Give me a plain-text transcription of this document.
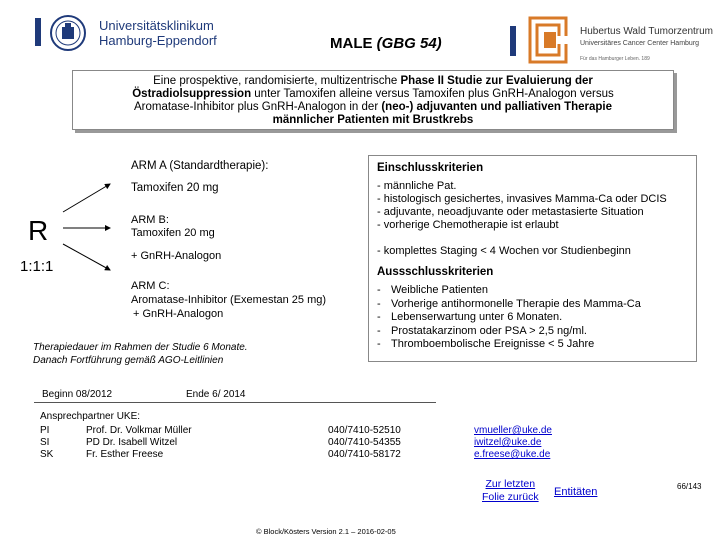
Universitätsklinikum
Hamburg-Eppendorf	MALE (GBG 54)
Hubertus Wald Tumorzentrum
Universitäres Cancer Center Hamburg
Für das Hamburger Leben. 189
Eine prospektive, randomisierte, multizentrische Phase II Studie zur Evaluierung der
Östradiolsuppression unter Tamoxifen alleine versus Tamoxifen plus GnRH-Analogon versus
Aromatase-Inhibitor plus GnRH-Analogon in der (neo-) adjuvanten und palliativen Therapie
männlicher Patienten mit Brustkrebs
R
1:1:1
ARM A (Standardtherapie):
Tamoxifen 20 mg
ARM B:
Tamoxifen 20 mg
+ GnRH-Analogon
ARM C:
Aromatase-Inhibitor (Exemestan 25 mg)
+ GnRH-Analogon
Therapiedauer im Rahmen der Studie 6 Monate.
Danach Fortführung gemäß AGO-Leitlinien
Einschlusskriterien
- männliche Pat.
- histologisch gesichertes, invasives Mamma-Ca oder DCIS
- adjuvante, neoadjuvante oder metastasierte Situation
- vorherige Chemotherapie ist erlaubt
- komplettes Staging < 4 Wochen vor Studienbeginn
Aussschlusskriterien
- Weibliche Patienten
- Vorherige antihormonelle Therapie des Mamma-Ca
- Lebenserwartung unter 6 Monaten.
- Prostatakarzinom oder PSA > 2,5 ng/ml.
- Thromboembolische Ereignisse < 5 Jahre
Beginn 08/2012	Ende 6/ 2014
Ansprechpartner UKE:
PI	Prof. Dr. Volkmar Müller	040/7410-52510	vmueller@uke.de
SI	PD Dr. Isabell Witzel	040/7410-54355	iwitzel@uke.de
SK	Fr. Esther Freese	040/7410-58172	e.freese@uke.de
Zur letzten
Folie zurück Entitäten	66/143
© Block/Kösters Version 2.1 – 2016-02-05
